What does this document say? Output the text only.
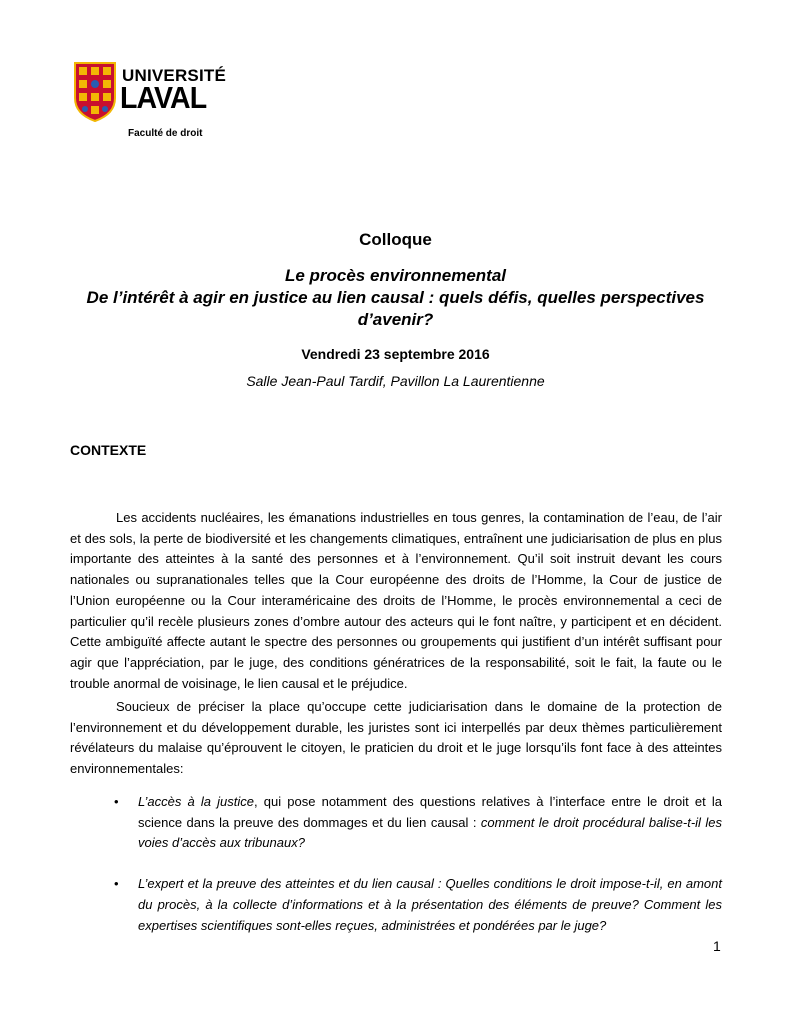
UNIVERSITÉ
LAVAL
Faculté de droit
Colloque
Le procès environnemental
De l’intérêt à agir en justice au lien causal : quels défis, quelles perspectives d’avenir?
Vendredi 23 septembre 2016
Salle Jean-Paul Tardif, Pavillon La Laurentienne
CONTEXTE
Les accidents nucléaires, les émanations industrielles en tous genres, la contamination de l’eau, de l’air et des sols, la perte de biodiversité et les changements climatiques, entraînent une judiciarisation de plus en plus importante des atteintes à la santé des personnes et à l’environnement. Qu’il soit instruit devant les cours nationales ou supranationales telles que la Cour européenne des droits de l’Homme, la Cour de justice de l’Union européenne ou la Cour interaméricaine des droits de l’Homme, le procès environnemental a ceci de particulier qu’il recèle plusieurs zones d’ombre autour des acteurs qui le font naître, y participent et en décident. Cette ambiguïté affecte autant le spectre des personnes ou groupements qui justifient d’un intérêt suffisant pour agir que l’appréciation, par le juge, des conditions génératrices de la responsabilité, soit le fait, la faute ou le trouble anormal de voisinage, le lien causal et le préjudice.
Soucieux de préciser la place qu’occupe cette judiciarisation dans le domaine de la protection de l’environnement et du développement durable, les juristes sont ici interpellés par deux thèmes particulièrement révélateurs du malaise qu’éprouvent le citoyen, le praticien du droit et le juge lorsqu’ils font face à des atteintes environnementales:
• L’accès à la justice, qui pose notamment des questions relatives à l’interface entre le droit et la science dans la preuve des dommages et du lien causal : comment le droit procédural balise-t-il les voies d’accès aux tribunaux?
• L’expert et la preuve des atteintes et du lien causal : Quelles conditions le droit impose-t-il, en amont du procès, à la collecte d’informations et à la présentation des éléments de preuve? Comment les expertises scientifiques sont-elles reçues, administrées et pondérées par le juge?
1
